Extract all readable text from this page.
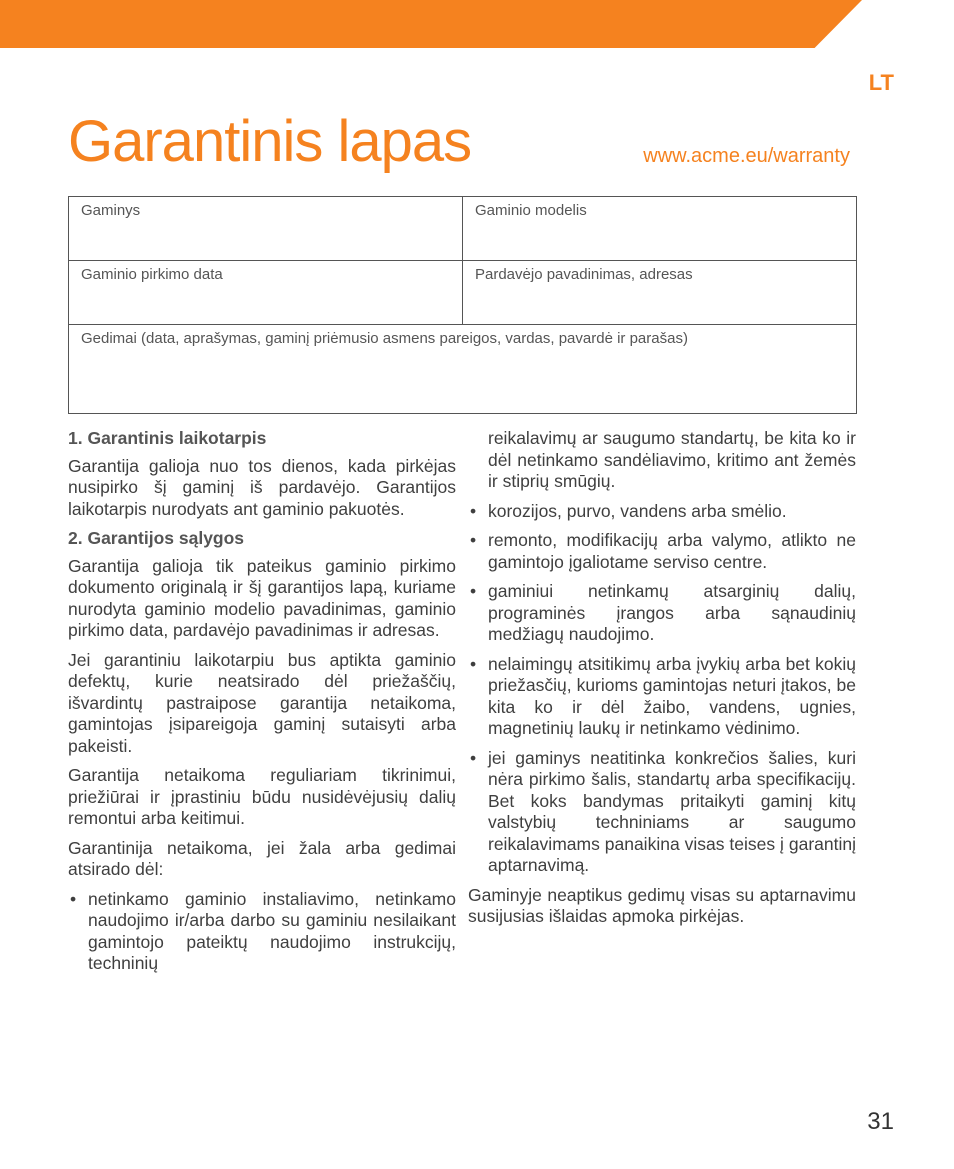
LT
Garantinis lapas	www.acme.eu/warranty
Gaminys	Gaminio modelis
Gaminio pirkimo data	Pardavėjo pavadinimas, adresas
Gedimai (data, aprašymas, gaminį priėmusio asmens pareigos, vardas, pavardė ir parašas)	
1. Garantinis laikotarpis

Garantija galioja nuo tos dienos, kada pirkėjas nusipirko šį gaminį iš pardavėjo. Garantijos laikotarpis nurodyats ant gaminio pakuotės.

2. Garantijos sąlygos

Garantija galioja tik pateikus gaminio pirkimo dokumento originalą ir šį garantijos lapą, kuriame nurodyta gaminio modelio pavadinimas, gaminio pirkimo data, pardavėjo pavadinimas ir adresas.

Jei garantiniu laikotarpiu bus aptikta gaminio defektų, kurie neatsirado dėl priežaščių, išvardintų pastraipose garantija netaikoma, gamintojas įsipareigoja gaminį sutaisyti arba pakeisti.

Garantija netaikoma reguliariam tikrinimui, priežiūrai ir įprastiniu būdu nusidėvėjusių dalių remontui arba keitimui.

Garantinija netaikoma, jei žala arba gedimai atsirado dėl:

• netinkamo gaminio instaliavimo, netinkamo naudojimo ir/arba darbo su gaminiu nesilaikant gamintojo pateiktų naudojimo instrukcijų, techninių
reikalavimų ar saugumo standartų, be kita ko ir dėl netinkamo sandėliavimo, kritimo ant žemės ir stiprių smūgių.
• korozijos, purvo, vandens arba smėlio.
• remonto, modifikacijų arba valymo, atlikto ne gamintojo įgaliotame serviso centre.
• gaminiui netinkamų atsarginių dalių, programinės įrangos arba sąnaudinių medžiagų naudojimo.
• nelaimingų atsitikimų arba įvykių arba bet kokių priežasčių, kurioms gamintojas neturi įtakos, be kita ko ir dėl žaibo, vandens, ugnies, magnetinių laukų ir netinkamo vėdinimo.
• jei gaminys neatitinka konkrečios šalies, kuri nėra pirkimo šalis, standartų arba specifikacijų. Bet koks bandymas pritaikyti gaminį kitų valstybių techniniams ar saugumo reikalavimams panaikina visas teises į garantinį aptarnavimą.

Gaminyje neaptikus gedimų visas su aptarnavimu susijusias išlaidas apmoka pirkėjas.

31
